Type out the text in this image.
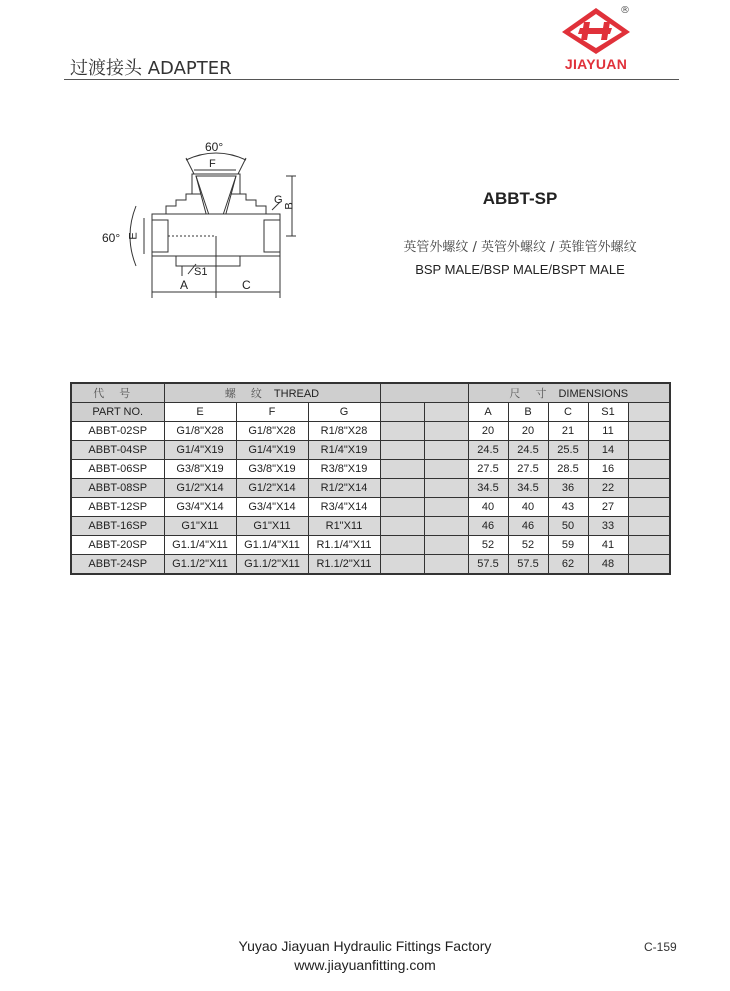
过渡接头 ADAPTER
®
JIAYUAN
60°
F
G B
60° E
S1
A	C
ABBT-SP
英管外螺纹 / 英管外螺纹 / 英锥管外螺纹
BSP MALE/BSP MALE/BSPT MALE
代 号	螺 纹 THREAD					尺 寸 DIMENSIONS				
PART NO.	E	F	G			A	B	C	S1	
ABBT-02SP	G1/8"X28	G1/8"X28	R1/8"X28			20	20	21	11	
ABBT-04SP	G1/4"X19	G1/4"X19	R1/4"X19			24.5	24.5	25.5	14	
ABBT-06SP	G3/8"X19	G3/8"X19	R3/8"X19			27.5	27.5	28.5	16	
ABBT-08SP	G1/2"X14	G1/2"X14	R1/2"X14			34.5	34.5	36	22	
ABBT-12SP	G3/4"X14	G3/4"X14	R3/4"X14			40	40	43	27	
ABBT-16SP	G1"X11	G1"X11	R1"X11			46	46	50	33	
ABBT-20SP	G1.1/4"X11	G1.1/4"X11	R1.1/4"X11			52	52	59	41	
ABBT-24SP	G1.1/2"X11	G1.1/2"X11	R1.1/2"X11			57.5	57.5	62	48	
Yuyao Jiayuan Hydraulic Fittings Factory
www.jiayuanfitting.com
C-159
